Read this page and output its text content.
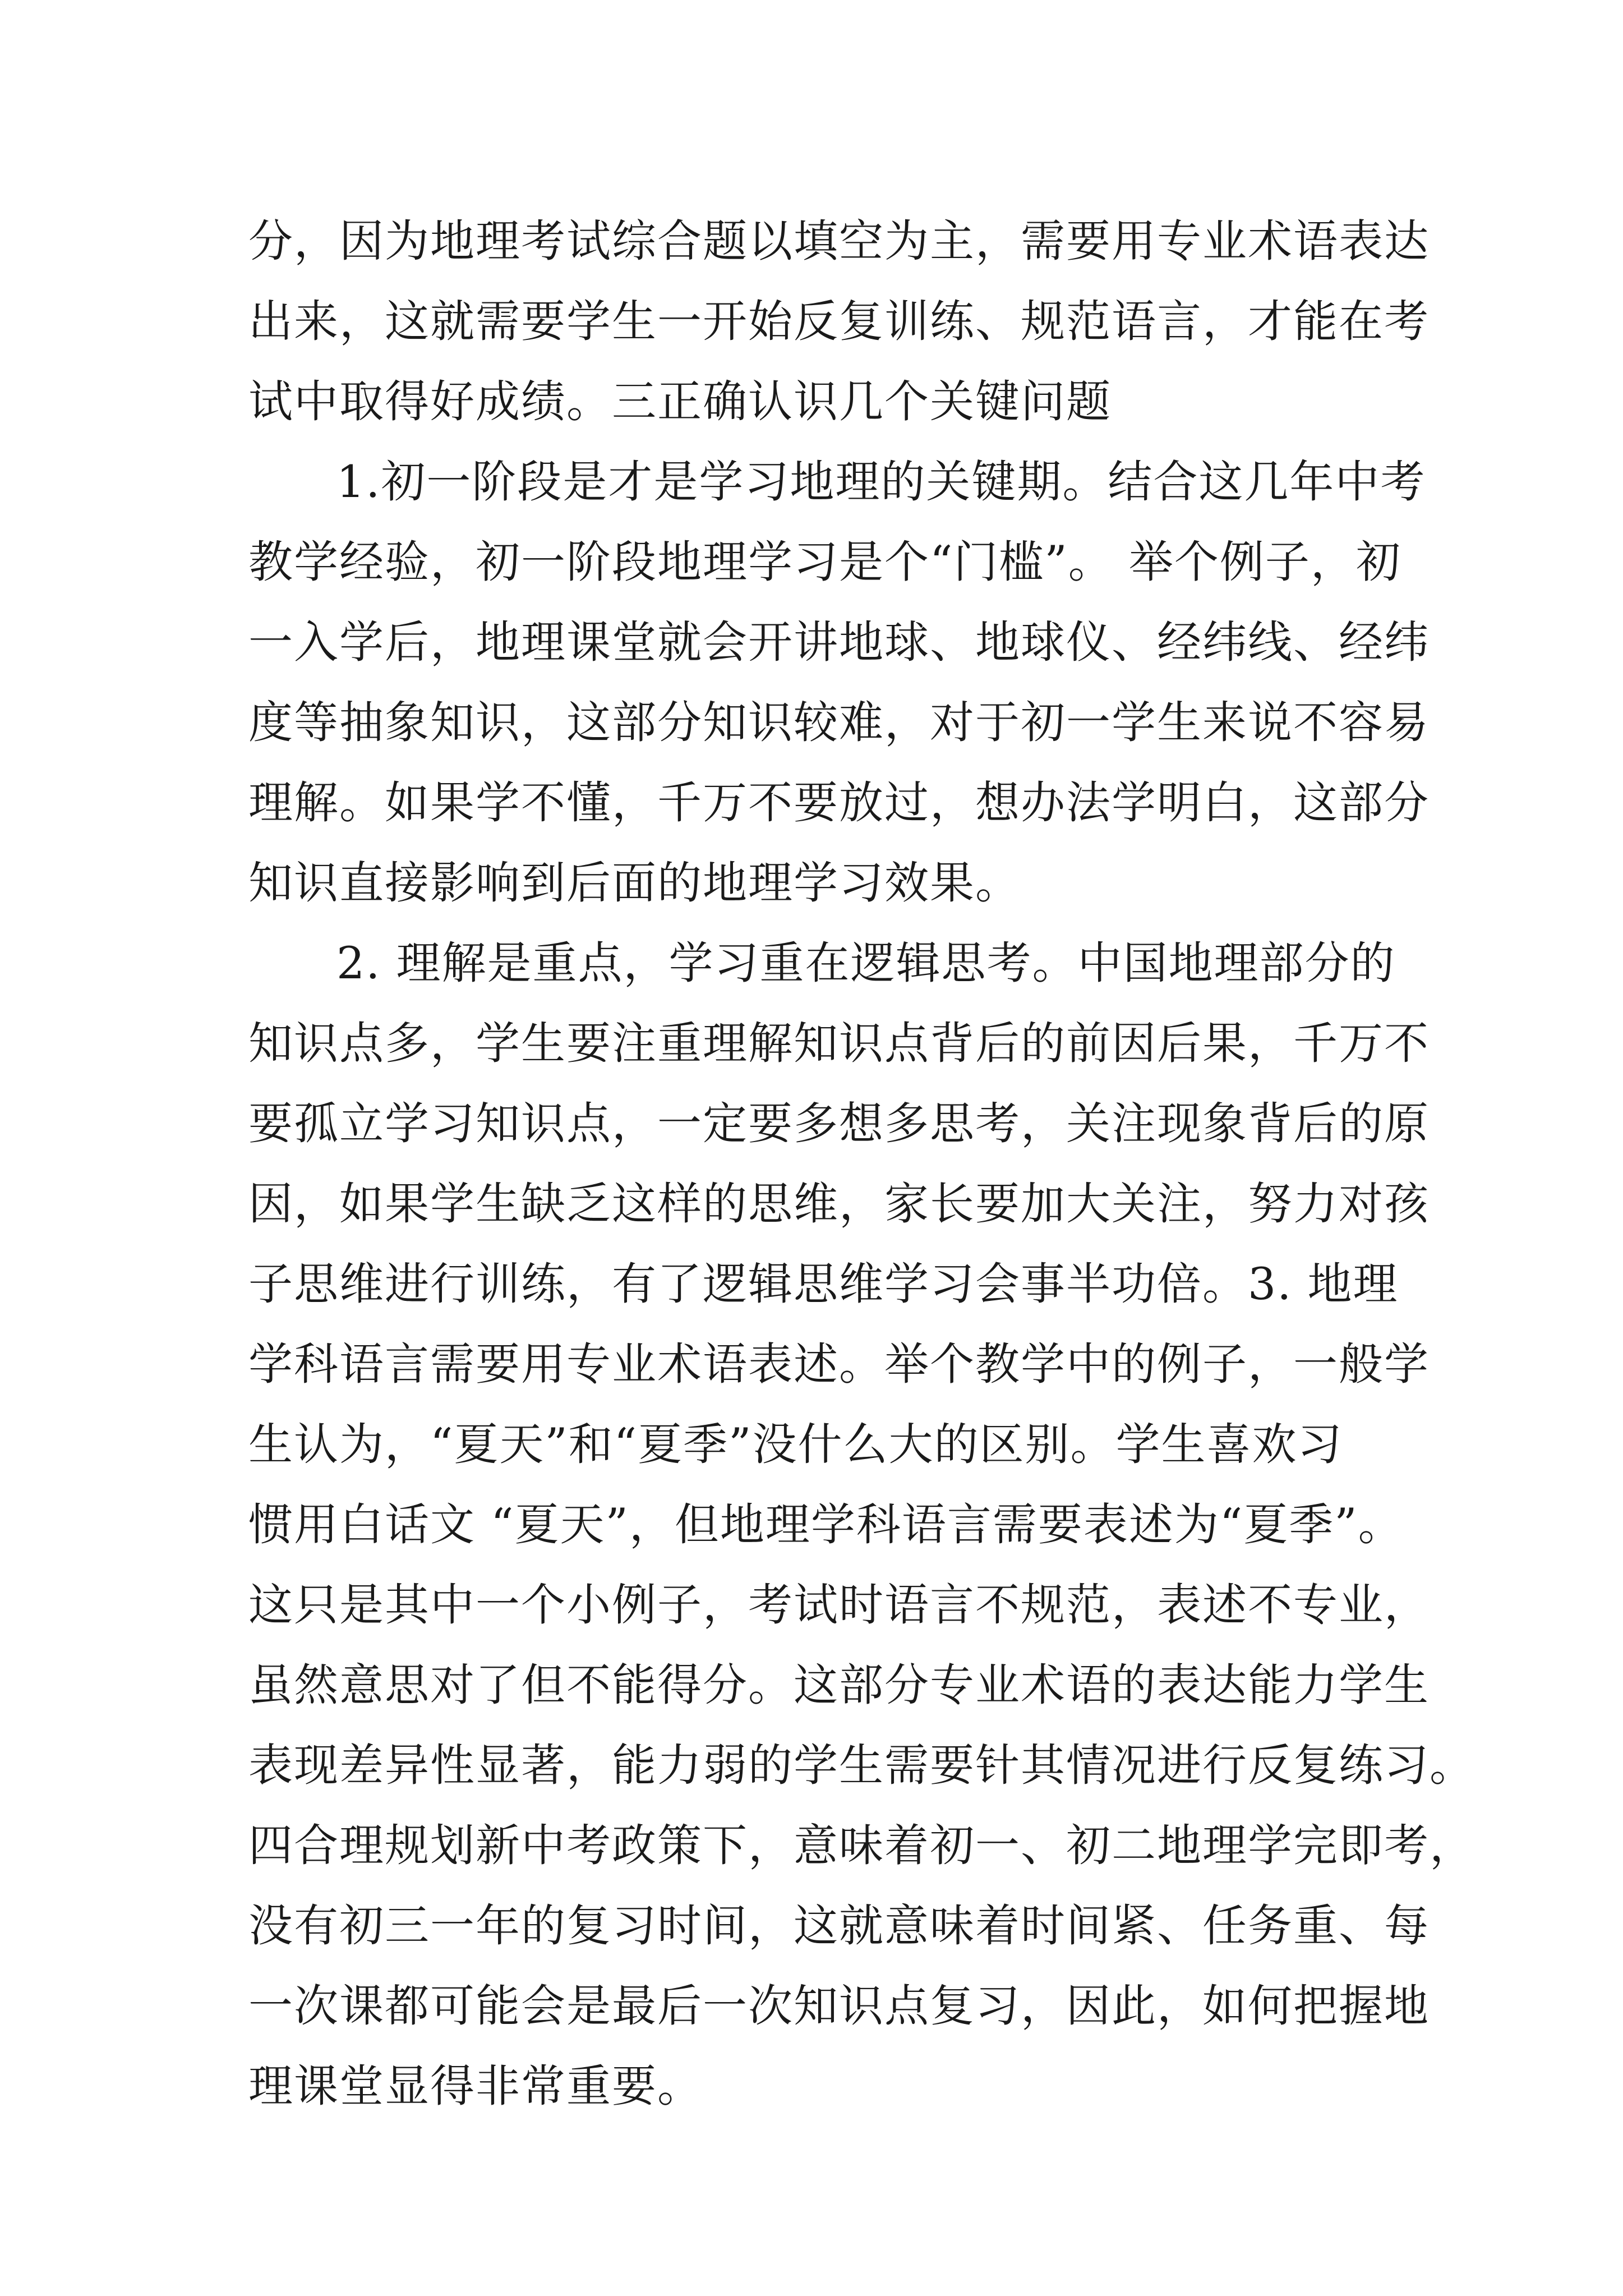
分，因为地理考试综合题以填空为主，需要用专业术语表达
出来，这就需要学生一开始反复训练、规范语言，才能在考
试中取得好成绩。三正确认识几个关键问题
1.初一阶段是才是学习地理的关键期。结合这几年中考
教学经验，初一阶段地理学习是个“门槛”。 举个例子，初
一入学后，地理课堂就会开讲地球、地球仪、经纬线、经纬
度等抽象知识，这部分知识较难，对于初一学生来说不容易
理解。如果学不懂，千万不要放过，想办法学明白，这部分
知识直接影响到后面的地理学习效果。
2. 理解是重点，学习重在逻辑思考。中国地理部分的
知识点多，学生要注重理解知识点背后的前因后果，千万不
要孤立学习知识点，一定要多想多思考，关注现象背后的原
因，如果学生缺乏这样的思维，家长要加大关注，努力对孩
子思维进行训练，有了逻辑思维学习会事半功倍。3. 地理
学科语言需要用专业术语表述。举个教学中的例子，一般学
生认为，“夏天”和“夏季”没什么大的区别。学生喜欢习
惯用白话文 “夏天”，但地理学科语言需要表述为“夏季”。
这只是其中一个小例子，考试时语言不规范，表述不专业，
虽然意思对了但不能得分。这部分专业术语的表达能力学生
表现差异性显著，能力弱的学生需要针其情况进行反复练习。
四合理规划新中考政策下，意味着初一、初二地理学完即考，
没有初三一年的复习时间，这就意味着时间紧、任务重、每
一次课都可能会是最后一次知识点复习，因此，如何把握地
理课堂显得非常重要。
